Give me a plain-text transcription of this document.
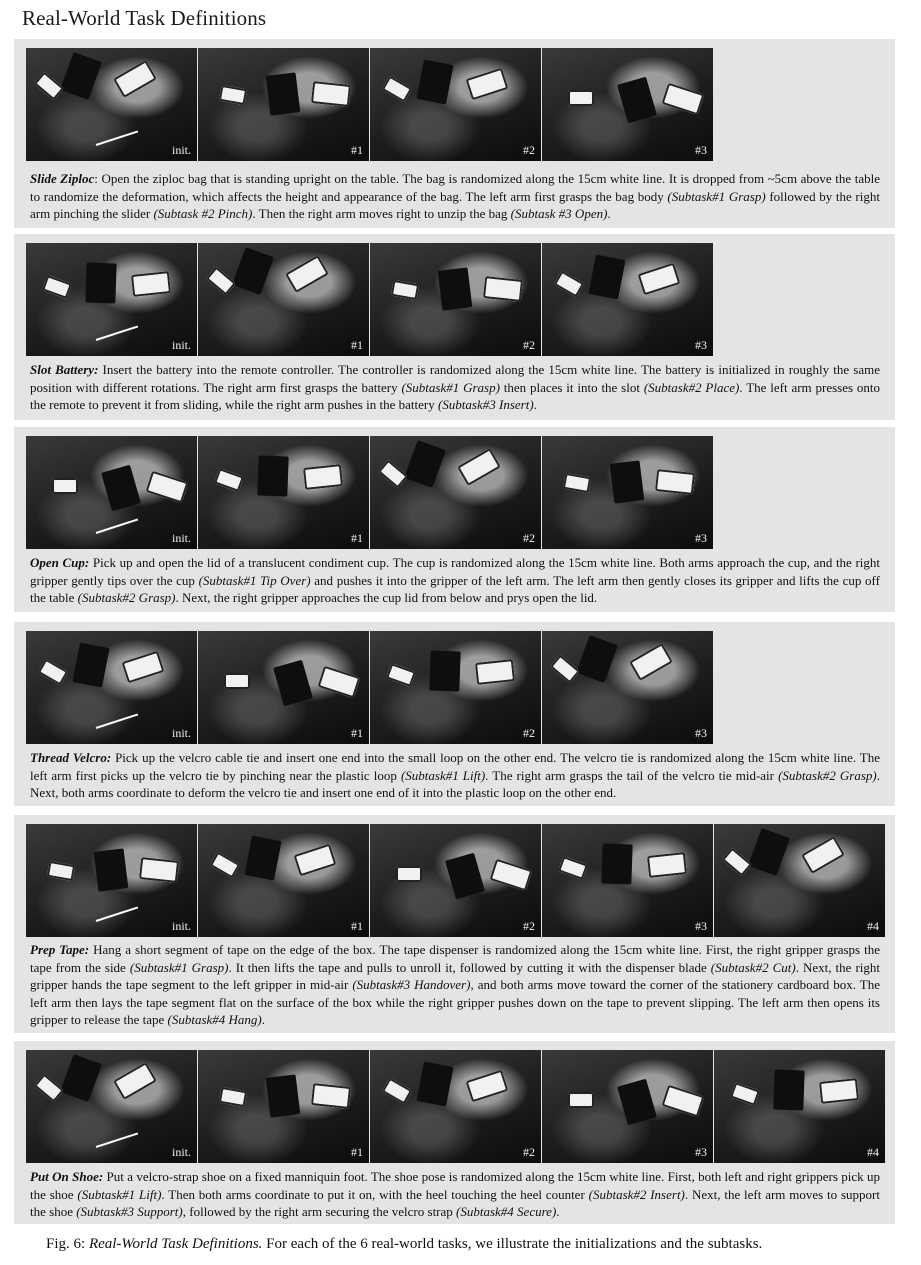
Real-World Task Definitions
init.	#1	#2	#3
Slide Ziploc: Open the ziploc bag that is standing upright on the table. The bag is randomized along the 15cm white line. It is dropped from ~5cm above the table to randomize the deformation, which affects the height and appearance of the bag. The left arm first grasps the bag body (Subtask#1 Grasp) followed by the right arm pinching the slider (Subtask #2 Pinch). Then the right arm moves right to unzip the bag (Subtask #3 Open).
init.	#1	#2	#3
Slot Battery: Insert the battery into the remote controller. The controller is randomized along the 15cm white line. The battery is initialized in roughly the same position with different rotations. The right arm first grasps the battery (Subtask#1 Grasp) then places it into the slot (Subtask#2 Place). The left arm presses onto the remote to prevent it from sliding, while the right arm pushes in the battery (Subtask#3 Insert).
init.	#1	#2	#3
Open Cup: Pick up and open the lid of a translucent condiment cup. The cup is randomized along the 15cm white line. Both arms approach the cup, and the right gripper gently tips over the cup (Subtask#1 Tip Over) and pushes it into the gripper of the left arm. The left arm then gently closes its gripper and lifts the cup off the table (Subtask#2 Grasp). Next, the right gripper approaches the cup lid from below and prys open the lid.
init.	#1	#2	#3
Thread Velcro: Pick up the velcro cable tie and insert one end into the small loop on the other end. The velcro tie is randomized along the 15cm white line. The left arm first picks up the velcro tie by pinching near the plastic loop (Subtask#1 Lift). The right arm grasps the tail of the velcro tie mid-air (Subtask#2 Grasp). Next, both arms coordinate to deform the velcro tie and insert one end of it into the plastic loop on the other end.
init.	#1	#2	#3	#4
Prep Tape: Hang a short segment of tape on the edge of the box. The tape dispenser is randomized along the 15cm white line. First, the right gripper grasps the tape from the side (Subtask#1 Grasp). It then lifts the tape and pulls to unroll it, followed by cutting it with the dispenser blade (Subtask#2 Cut). Next, the right gripper hands the tape segment to the left gripper in mid-air (Subtask#3 Handover), and both arms move toward the corner of the stationery cardboard box. The left arm then lays the tape segment flat on the surface of the box while the right gripper pushes down on the tape to prevent slipping. The left arm then opens its gripper to release the tape (Subtask#4 Hang).
init.	#1	#2	#3	#4
Put On Shoe: Put a velcro-strap shoe on a fixed manniquin foot. The shoe pose is randomized along the 15cm white line. First, both left and right grippers pick up the shoe (Subtask#1 Lift). Then both arms coordinate to put it on, with the heel touching the heel counter (Subtask#2 Insert). Next, the left arm moves to support the shoe (Subtask#3 Support), followed by the right arm securing the velcro strap (Subtask#4 Secure).
Fig. 6: Real-World Task Definitions. For each of the 6 real-world tasks, we illustrate the initializations and the subtasks.
